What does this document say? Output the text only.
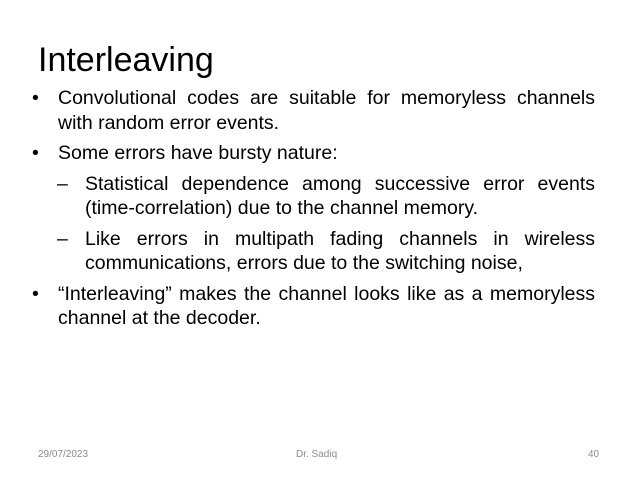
Interleaving
• Convolutional codes are suitable for memoryless channels with random error events.
• Some errors have bursty nature:
– Statistical dependence among successive error events (time-correlation) due to the channel memory.
– Like errors in multipath fading channels in wireless communications, errors due to the switching noise,
• “Interleaving” makes the channel looks like as a memoryless channel at the decoder.
29/07/2023	Dr. Sadiq	40
